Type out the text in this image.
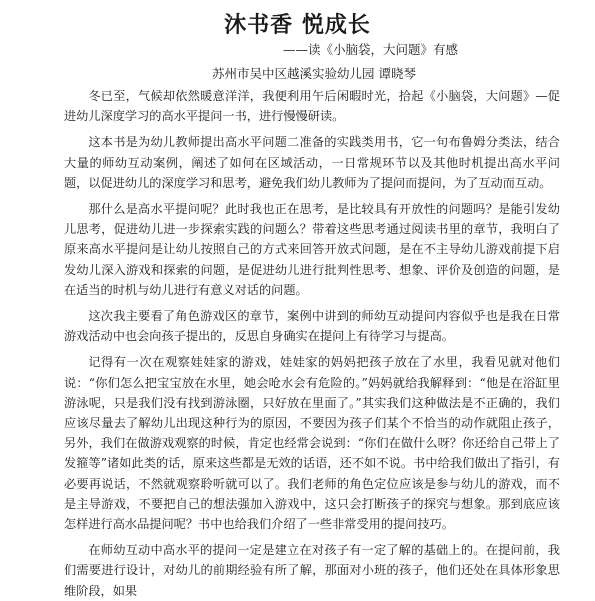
沐书香 悦成长
——读《小脑袋，大问题》有感
苏州市吴中区越溪实验幼儿园 谭晓琴

冬已至，气候却依然暖意洋洋，我便利用午后闲暇时光，拾起《小脑袋，大问题》—促进幼儿深度学习的高水平提问一书，进行慢慢研读。

这本书是为幼儿教师提出高水平问题二准备的实践类用书，它一句布鲁姆分类法，结合大量的师幼互动案例，阐述了如何在区域活动，一日常规环节以及其他时机提出高水平问题，以促进幼儿的深度学习和思考，避免我们幼儿教师为了提问而提问，为了互动而互动。

那什么是高水平提问呢？此时我也正在思考，是比较具有开放性的问题吗？是能引发幼儿思考，促进幼儿进一步探索实践的问题么？带着这些思考通过阅读书里的章节，我明白了原来高水平提问是让幼儿按照自己的方式来回答开放式问题，是在不主导幼儿游戏前提下启发幼儿深入游戏和探索的问题，是促进幼儿进行批判性思考、想象、评价及创造的问题，是在适当的时机与幼儿进行有意义对话的问题。

这次我主要看了角色游戏区的章节，案例中讲到的师幼互动提问内容似乎也是我在日常游戏活动中也会向孩子提出的，反思自身确实在提问上有待学习与提高。

记得有一次在观察娃娃家的游戏，娃娃家的妈妈把孩子放在了水里，我看见就对他们说：“你们怎么把宝宝放在水里，她会呛水会有危险的。”妈妈就给我解释到：“他是在浴缸里游泳呢，只是我们没有找到游泳圈，只好放在里面了。”其实我们这种做法是不正确的，我们应该尽量去了解幼儿出现这种行为的原因，不要因为孩子们某个不恰当的动作就阻止孩子，另外，我们在做游戏观察的时候，肯定也经常会说到：“你们在做什么呀？你还给自己带上了发箍等”诸如此类的话，原来这些都是无效的话语，还不如不说。书中给我们做出了指引，有必要再说话，不然就观察聆听就可以了。我们老师的角色定位应该是参与幼儿的游戏，而不是主导游戏，不要把自己的想法强加入游戏中，这只会打断孩子的探究与想象。那到底应该怎样进行高水品提问呢？书中也给我们介绍了一些非常受用的提问技巧。

在师幼互动中高水平的提问一定是建立在对孩子有一定了解的基础上的。在提问前，我们需要进行设计，对幼儿的前期经验有所了解，那面对小班的孩子，他们还处在具体形象思维阶段，如果
